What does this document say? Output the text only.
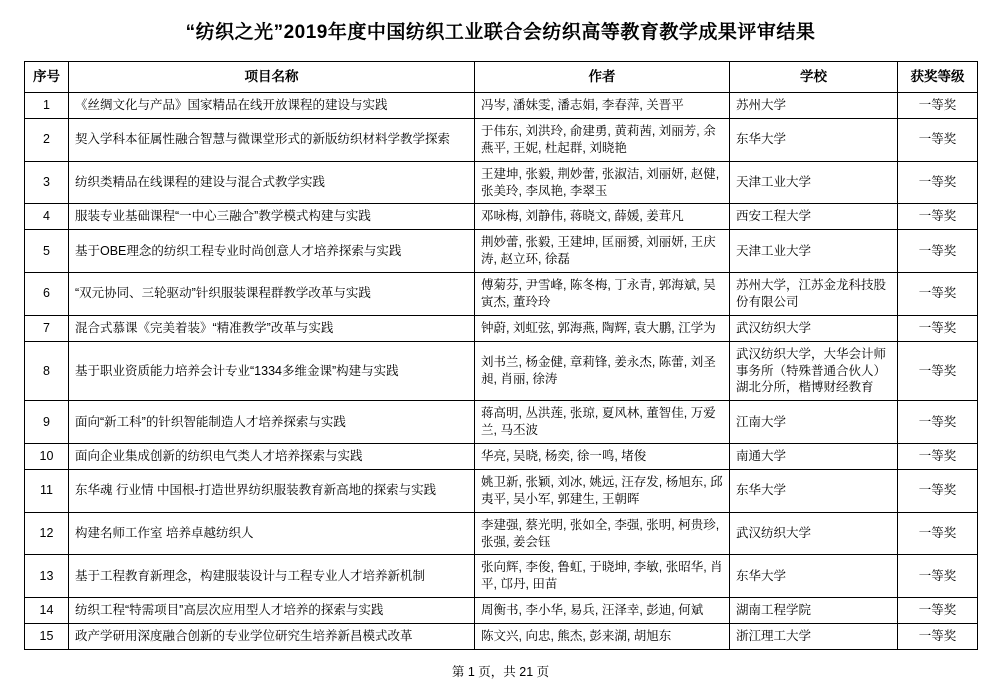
“纺织之光”2019年度中国纺织工业联合会纺织高等教育教学成果评审结果
序号	项目名称	作者	学校	获奖等级
1	《丝绸文化与产品》国家精品在线开放课程的建设与实践	冯岑, 潘妹雯, 潘志娟, 李春萍, 关晋平	苏州大学	一等奖
2	契入学科本征属性融合智慧与微课堂形式的新版纺织材料学教学探索	于伟东, 刘洪玲, 俞建勇, 黄莉茜, 刘丽芳, 余燕平, 王妮, 杜起群, 刘晓艳	东华大学	一等奖
3	纺织类精品在线课程的建设与混合式教学实践	王建坤, 张毅, 荆妙蕾, 张淑洁, 刘丽妍, 赵健, 张美玲, 李凤艳, 李翠玉	天津工业大学	一等奖
4	服装专业基础课程“一中心三融合”教学模式构建与实践	邓咏梅, 刘静伟, 蒋晓文, 薛媛, 姜茸凡	西安工程大学	一等奖
5	基于OBE理念的纺织工程专业时尚创意人才培养探索与实践	荆妙蕾, 张毅, 王建坤, 匡丽赟, 刘丽妍, 王庆涛, 赵立环, 徐磊	天津工业大学	一等奖
6	“双元协同、三轮驱动”针织服装课程群教学改革与实践	傅菊芬, 尹雪峰, 陈冬梅, 丁永青, 郭海斌, 吴寅杰, 董玲玲	苏州大学，江苏金龙科技股份有限公司	一等奖
7	混合式慕课《完美着装》“精准教学”改革与实践	钟蔚, 刘虹弦, 郭海燕, 陶辉, 袁大鹏, 江学为	武汉纺织大学	一等奖
8	基于职业资质能力培养会计专业“1334多维金课”构建与实践	刘书兰, 杨金健, 章莉锋, 姜永杰, 陈蕾, 刘圣昶, 肖丽, 徐涛	武汉纺织大学，大华会计师事务所（特殊普通合伙人）湖北分所，楷博财经教育	一等奖
9	面向“新工科”的针织智能制造人才培养探索与实践	蒋高明, 丛洪莲, 张琼, 夏风林, 董智佳, 万爱兰, 马丕波	江南大学	一等奖
10	面向企业集成创新的纺织电气类人才培养探索与实践	华亮, 吴晓, 杨奕, 徐一鸣, 堵俊	南通大学	一等奖
11	东华魂 行业情 中国根-打造世界纺织服装教育新高地的探索与实践	姚卫新, 张颖, 刘冰, 姚远, 汪存发, 杨旭东, 邱夷平, 吴小军, 郭建生, 王朝晖	东华大学	一等奖
12	构建名师工作室 培养卓越纺织人	李建强, 蔡光明, 张如全, 李强, 张明, 柯贵珍, 张强, 姜会钰	武汉纺织大学	一等奖
13	基于工程教育新理念，构建服装设计与工程专业人才培养新机制	张向辉, 李俊, 鲁虹, 于晓坤, 李敏, 张昭华, 肖平, 邙丹, 田苗	东华大学	一等奖
14	纺织工程“特需项目”高层次应用型人才培养的探索与实践	周衡书, 李小华, 易兵, 汪泽幸, 彭迪, 何斌	湖南工程学院	一等奖
15	政产学研用深度融合创新的专业学位研究生培养新昌模式改革	陈文兴, 向忠, 熊杰, 彭来湖, 胡旭东	浙江理工大学	一等奖
第 1 页，共 21 页
